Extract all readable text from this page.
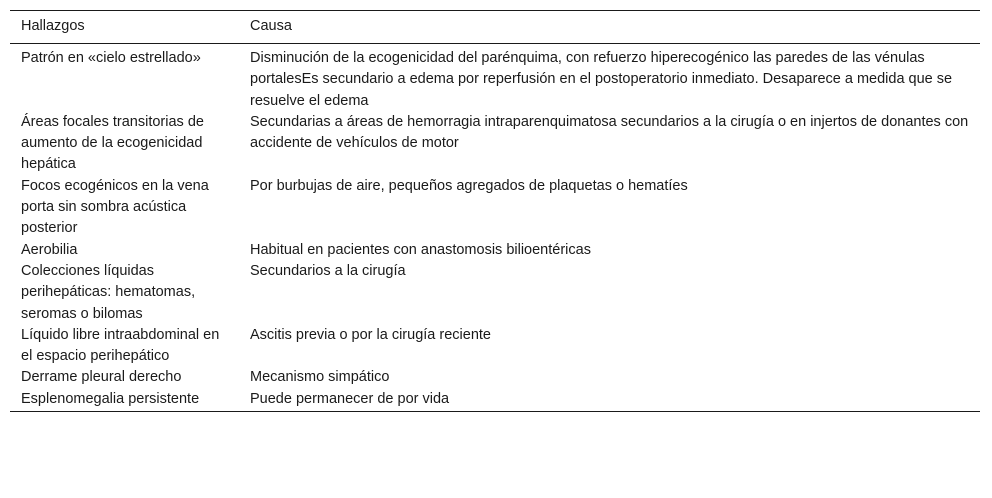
Hallazgos	Causa
Patrón en «cielo estrellado»	Disminución de la ecogenicidad del parénquima, con refuerzo hiperecogénico las paredes de las vénulas portalesEs secundario a edema por reperfusión en el postoperatorio inmediato. Desaparece a medida que se resuelve el edema
Áreas focales transitorias de aumento de la ecogenicidad hepática	Secundarias a áreas de hemorragia intraparenquimatosa secundarios a la cirugía o en injertos de donantes con accidente de vehículos de motor
Focos ecogénicos en la vena porta sin sombra acústica posterior	Por burbujas de aire, pequeños agregados de plaquetas o hematíes
Aerobilia	Habitual en pacientes con anastomosis bilioentéricas
Colecciones líquidas perihepáticas: hematomas, seromas o bilomas	Secundarios a la cirugía
Líquido libre intraabdominal en el espacio perihepático	Ascitis previa o por la cirugía reciente
Derrame pleural derecho	Mecanismo simpático
Esplenomegalia persistente	Puede permanecer de por vida
